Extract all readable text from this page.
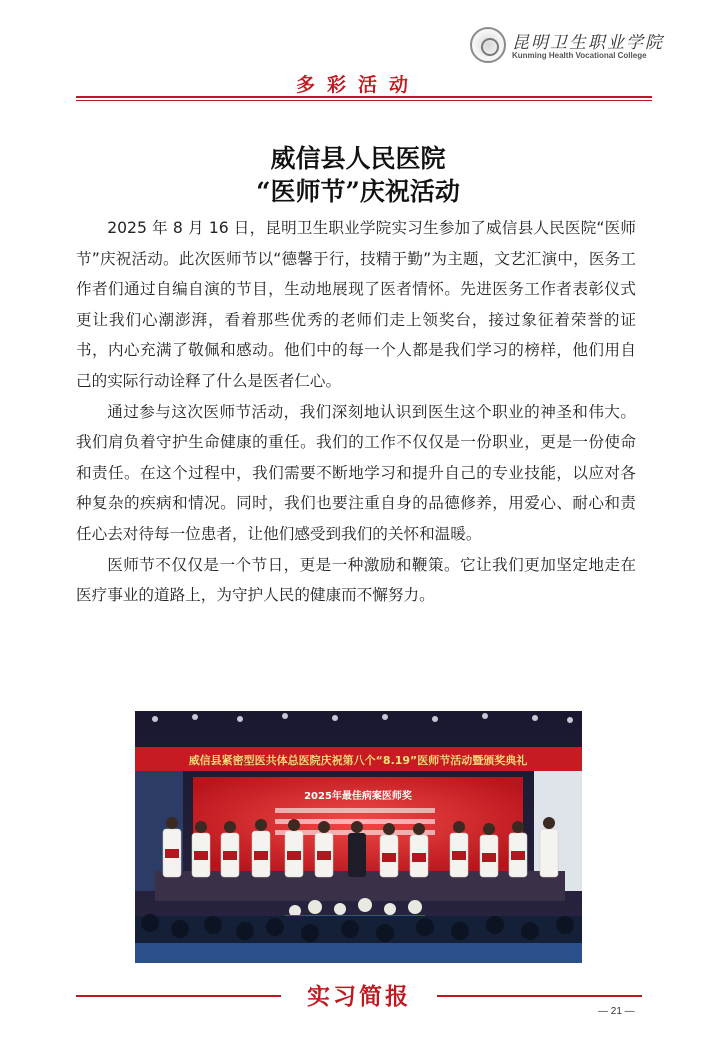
昆明卫生职业学院
Kunming Health Vocational College
多彩活动
威信县人民医院
“医师节”庆祝活动

2025 年 8 月 16 日，昆明卫生职业学院实习生参加了威信县人民医院“医师节”庆祝活动。此次医师节以“德馨于行，技精于勤”为主题，文艺汇演中，医务工作者们通过自编自演的节目，生动地展现了医者情怀。先进医务工作者表彰仪式更让我们心潮澎湃，看着那些优秀的老师们走上领奖台，接过象征着荣誉的证书，内心充满了敬佩和感动。他们中的每一个人都是我们学习的榜样，他们用自己的实际行动诠释了什么是医者仁心。

通过参与这次医师节活动，我们深刻地认识到医生这个职业的神圣和伟大。我们肩负着守护生命健康的重任。我们的工作不仅仅是一份职业，更是一份使命和责任。在这个过程中，我们需要不断地学习和提升自己的专业技能，以应对各种复杂的疾病和情况。同时，我们也要注重自身的品德修养，用爱心、耐心和责任心去对待每一位患者，让他们感受到我们的关怀和温暖。

医师节不仅仅是一个节日，更是一种激励和鞭策。它让我们更加坚定地走在医疗事业的道路上，为守护人民的健康而不懈努力。

威信县紧密型医共体总医院庆祝第八个“8.19”医师节活动暨颁奖典礼
2025年最佳病案医师奖
实习简报
— 21 —
